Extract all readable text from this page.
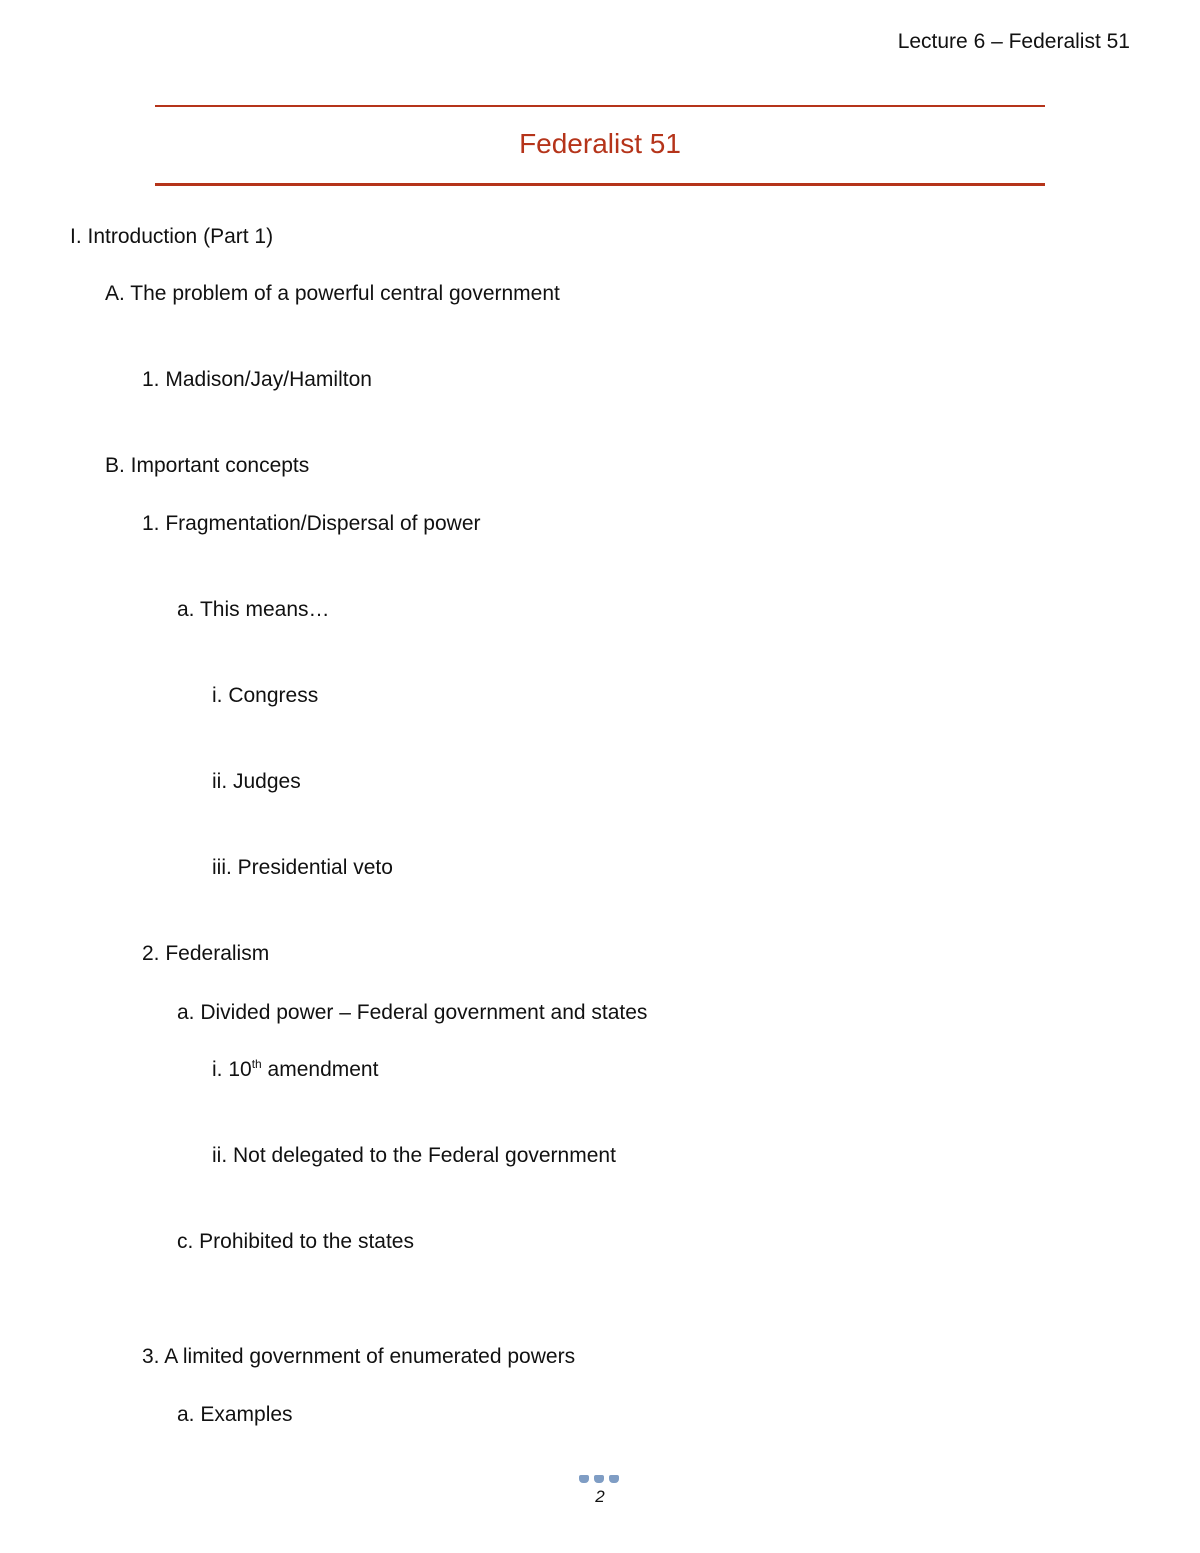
Lecture 6 – Federalist 51
Federalist 51
I. Introduction (Part 1)
A. The problem of a powerful central government
1. Madison/Jay/Hamilton
B. Important concepts
1. Fragmentation/Dispersal of power
a. This means…
i. Congress
ii. Judges
iii. Presidential veto
2. Federalism
a. Divided power – Federal government and states
i. 10th amendment
ii. Not delegated to the Federal government
c. Prohibited to the states
3. A limited government of enumerated powers
a. Examples
2
